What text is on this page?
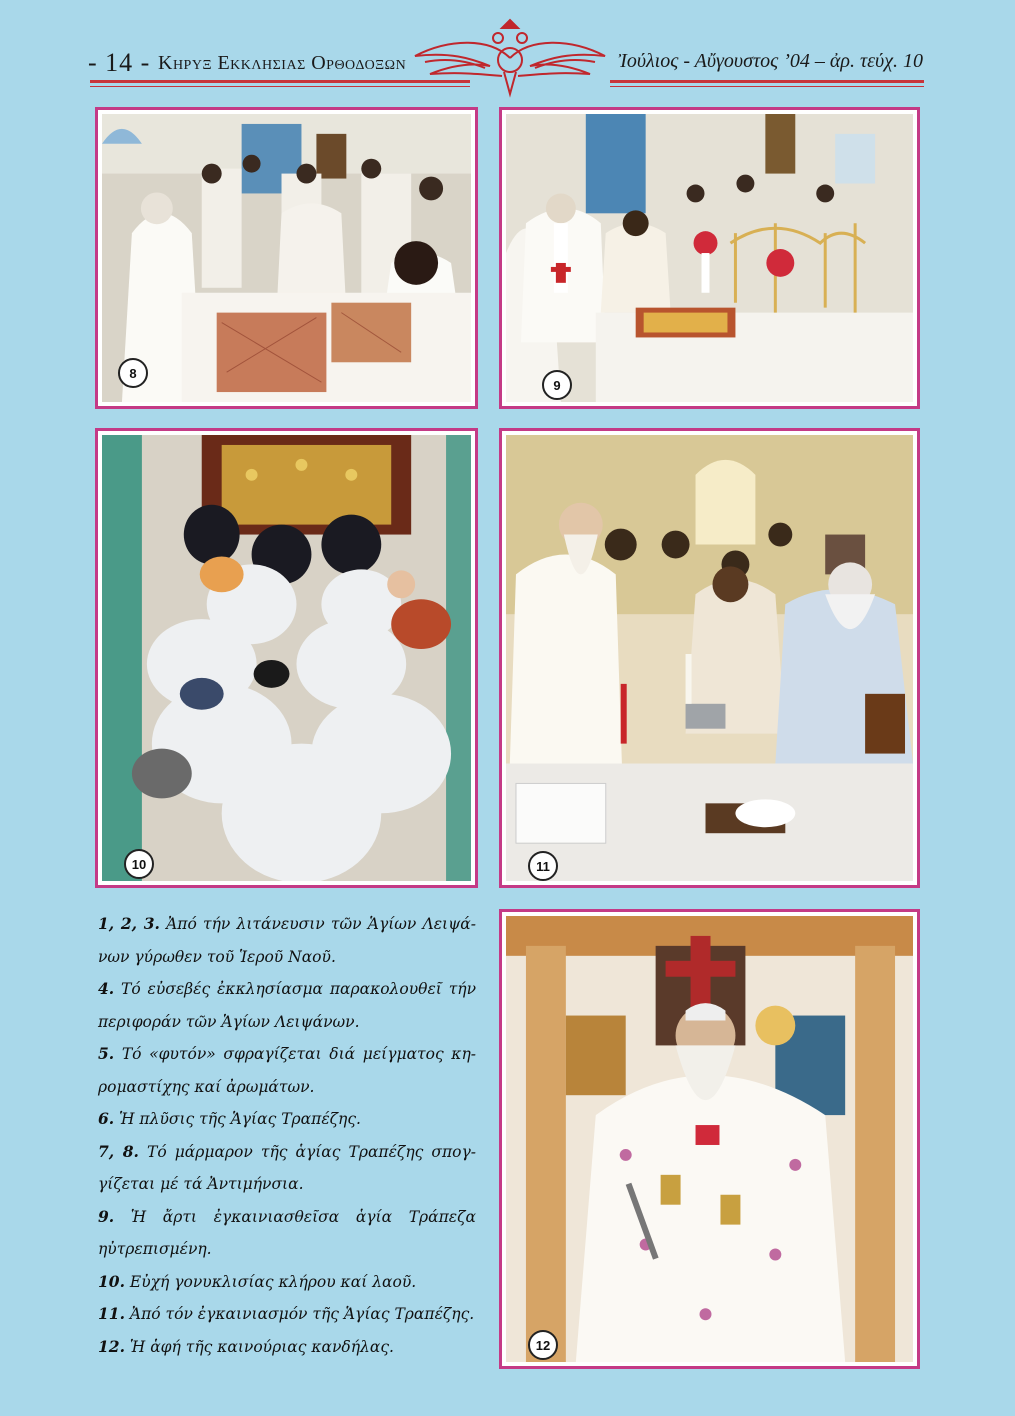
- 14 - Κηρυξ Εκκλησιας Ορθοδοξων	Ἰούλιος - Αὔγουστος ’04 – ἀρ. τεύχ. 10
8
9
10	11
12

1, 2, 3. Ἀπό τήν λιτάνευσιν τῶν Ἁγίων Λειψά- νων γύρωθεν τοῦ Ἱεροῦ Ναοῦ.

4. Τό εὐσεβές ἐκκλησίασμα παρακολουθεῖ τήν περιφοράν τῶν Ἁγίων Λειψάνων.

5. Τό «φυτόν» σφραγίζεται διά μείγματος κη- ρομαστίχης καί ἀρωμάτων.

6. Ἡ πλῦσις τῆς Ἁγίας Τραπέζης.

7, 8. Τό μάρμαρον τῆς ἁγίας Τραπέζης σπογ- γίζεται μέ τά Ἀντιμήνσια.

9. Ἡ ἄρτι ἐγκαινιασθεῖσα ἁγία Τράπεζα ηὐτρεπισμένη.

10. Εὐχή γονυκλισίας κλήρου καί λαοῦ.

11. Ἀπό τόν ἐγκαινιασμόν τῆς Ἁγίας Τραπέζης.

12. Ἡ ἁφή τῆς καινούριας κανδήλας.
